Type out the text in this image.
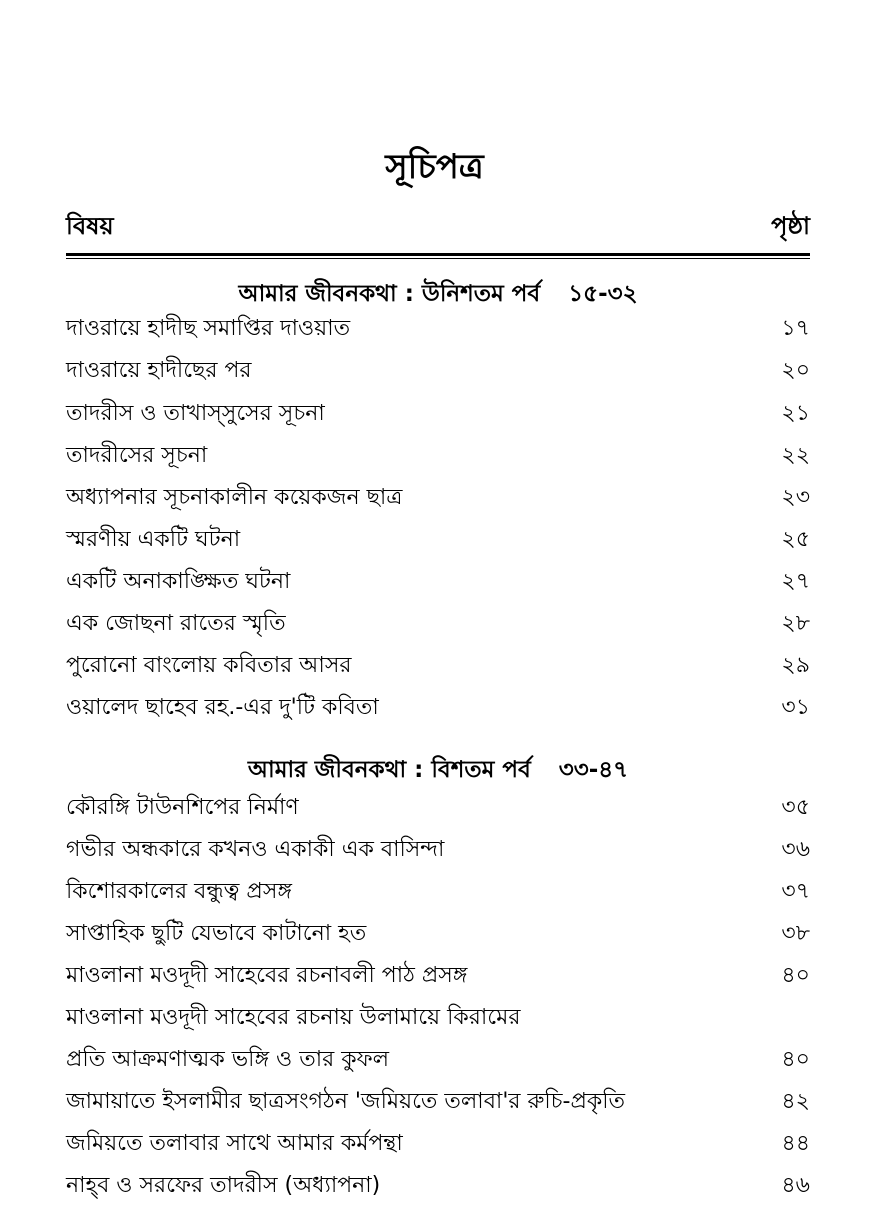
সূচিপত্র
বিষয়	পৃষ্ঠা
আমার জীবনকথা : উনিশতম পর্ব ১৫-৩২
দাওরায়ে হাদীছ সমাপ্তির দাওয়াত	১৭
দাওরায়ে হাদীছের পর	২০
তাদরীস ও তাখাস্‌সুসের সূচনা	২১
তাদরীসের সূচনা	২২
অধ্যাপনার সূচনাকালীন কয়েকজন ছাত্র	২৩
স্মরণীয় একটি ঘটনা	২৫
একটি অনাকাঙ্ক্ষিত ঘটনা	২৭
এক জোছনা রাতের স্মৃতি	২৮
পুরোনো বাংলোয় কবিতার আসর	২৯
ওয়ালেদ ছাহেব রহ.-এর দু'টি কবিতা	৩১
আমার জীবনকথা : বিশতম পর্ব ৩৩-৪৭
কৌরঙ্গি টাউনশিপের নির্মাণ	৩৫
গভীর অন্ধকারে কখনও একাকী এক বাসিন্দা	৩৬
কিশোরকালের বন্ধুত্ব প্রসঙ্গ	৩৭
সাপ্তাহিক ছুটি যেভাবে কাটানো হত	৩৮
মাওলানা মওদূদী সাহেবের রচনাবলী পাঠ প্রসঙ্গ	৪০
মাওলানা মওদূদী সাহেবের রচনায় উলামায়ে কিরামের
প্রতি আক্রমণাত্মক ভঙ্গি ও তার কুফল	৪০
জামায়াতে ইসলামীর ছাত্রসংগঠন 'জমিয়তে তলাবা'র রুচি-প্রকৃতি	৪২
জমিয়তে তলাবার সাথে আমার কর্মপন্থা	৪৪
নাহ্‌ব ও সরফের তাদরীস (অধ্যাপনা)	৪৬
